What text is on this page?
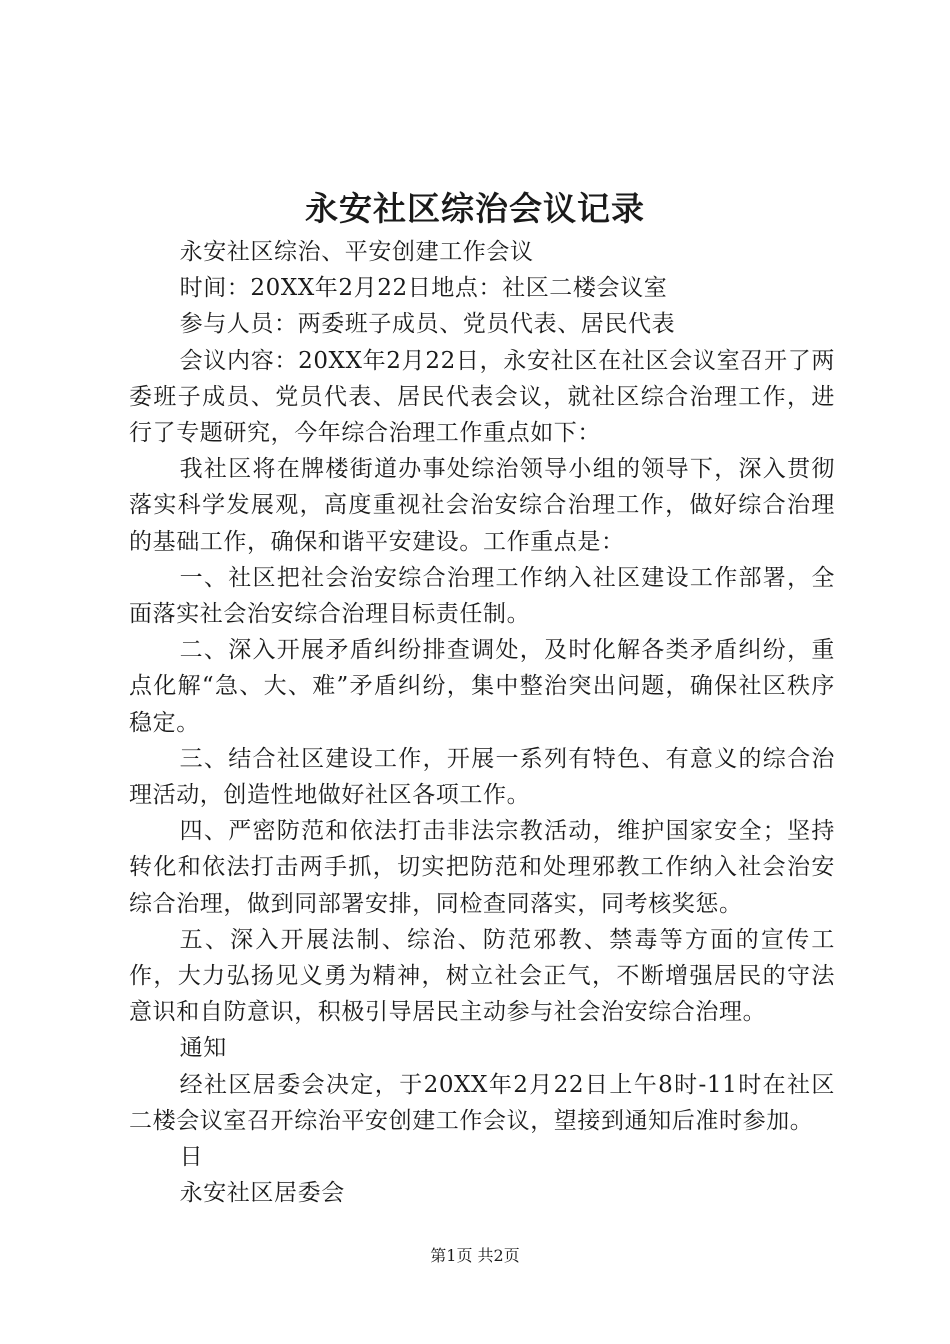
永安社区综治会议记录

永安社区综治、平安创建工作会议

时间：20XX年2月22日地点：社区二楼会议室

参与人员：两委班子成员、党员代表、居民代表

会议内容：20XX年2月22日，永安社区在社区会议室召开了两委班子成员、党员代表、居民代表会议，就社区综合治理工作，进行了专题研究，今年综合治理工作重点如下：

我社区将在牌楼街道办事处综治领导小组的领导下，深入贯彻落实科学发展观，高度重视社会治安综合治理工作，做好综合治理的基础工作，确保和谐平安建设。工作重点是：

一、社区把社会治安综合治理工作纳入社区建设工作部署，全面落实社会治安综合治理目标责任制。

二、深入开展矛盾纠纷排查调处，及时化解各类矛盾纠纷，重点化解“急、大、难”矛盾纠纷，集中整治突出问题，确保社区秩序稳定。

三、结合社区建设工作，开展一系列有特色、有意义的综合治理活动，创造性地做好社区各项工作。

四、严密防范和依法打击非法宗教活动，维护国家安全；坚持转化和依法打击两手抓，切实把防范和处理邪教工作纳入社会治安综合治理，做到同部署安排，同检查同落实，同考核奖惩。

五、深入开展法制、综治、防范邪教、禁毒等方面的宣传工作，大力弘扬见义勇为精神，树立社会正气，不断增强居民的守法意识和自防意识，积极引导居民主动参与社会治安综合治理。

通知

经社区居委会决定，于20XX年2月22日上午8时-11时在社区二楼会议室召开综治平安创建工作会议，望接到通知后准时参加。

日

永安社区居委会

第1页 共2页
